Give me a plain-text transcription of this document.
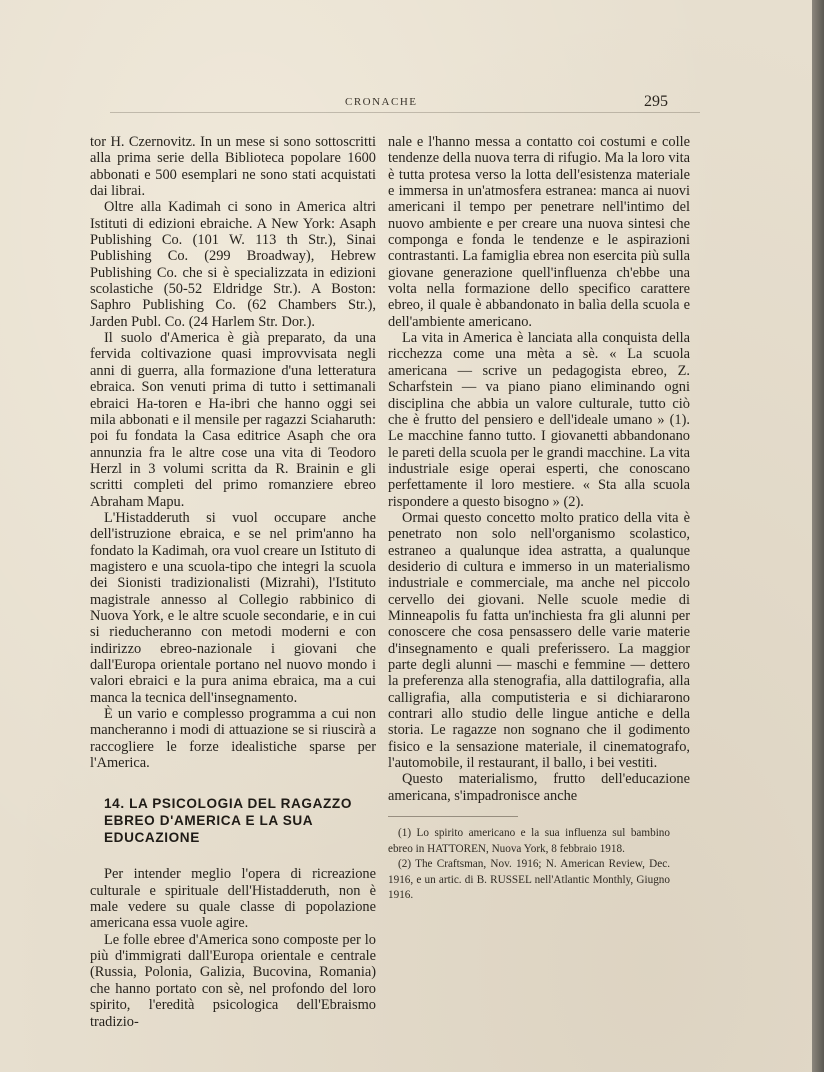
CRONACHE	295

tor H. Czernovitz. In un mese si sono sottoscritti alla prima serie della Biblioteca popolare 1600 abbonati e 500 esemplari ne sono stati acquistati dai librai.

Oltre alla Kadimah ci sono in America altri Istituti di edizioni ebraiche. A New York: Asaph Publishing Co. (101 W. 113 th Str.), Sinai Publishing Co. (299 Broadway), Hebrew Publishing Co. che si è specializzata in edizioni scolastiche (50-52 Eldridge Str.). A Boston: Saphro Publishing Co. (62 Chambers Str.), Jarden Publ. Co. (24 Harlem Str. Dor.).

Il suolo d'America è già preparato, da una fervida coltivazione quasi improvvisata negli anni di guerra, alla formazione d'una letteratura ebraica. Son venuti prima di tutto i settimanali ebraici Ha-toren e Ha-ibri che hanno oggi sei mila abbonati e il mensile per ragazzi Sciaharuth: poi fu fondata la Casa editrice Asaph che ora annunzia fra le altre cose una vita di Teodoro Herzl in 3 volumi scritta da R. Brainin e gli scritti completi del primo romanziere ebreo Abraham Mapu.

L'Histadderuth si vuol occupare anche dell'istruzione ebraica, e se nel prim'anno ha fondato la Kadimah, ora vuol creare un Istituto di magistero e una scuola-tipo che integri la scuola dei Sionisti tradizionalisti (Mizrahi), l'Istituto magistrale annesso al Collegio rabbinico di Nuova York, e le altre scuole secondarie, e in cui si rieducheranno con metodi moderni e con indirizzo ebreo-nazionale i giovani che dall'Europa orientale portano nel nuovo mondo i valori ebraici e la pura anima ebraica, ma a cui manca la tecnica dell'insegnamento.

È un vario e complesso programma a cui non mancheranno i modi di attuazione se si riuscirà a raccogliere le forze idealistiche sparse per l'America.

14. LA PSICOLOGIA DEL RAGAZZO EBREO D'AMERICA E LA SUA EDUCAZIONE

Per intender meglio l'opera di ricreazione culturale e spirituale dell'Histadderuth, non è male vedere su quale classe di popolazione americana essa vuole agire.

Le folle ebree d'America sono composte per lo più d'immigrati dall'Europa orientale e centrale (Russia, Polonia, Galizia, Bucovina, Romania) che hanno portato con sè, nel profondo del loro spirito, l'eredità psicologica dell'Ebraismo tradizio-

nale e l'hanno messa a contatto coi costumi e colle tendenze della nuova terra di rifugio. Ma la loro vita è tutta protesa verso la lotta dell'esistenza materiale e immersa in un'atmosfera estranea: manca ai nuovi americani il tempo per penetrare nell'intimo del nuovo ambiente e per creare una nuova sintesi che componga e fonda le tendenze e le aspirazioni contrastanti. La famiglia ebrea non esercita più sulla giovane generazione quell'influenza ch'ebbe una volta nella formazione dello specifico carattere ebreo, il quale è abbandonato in balìa della scuola e dell'ambiente americano.

La vita in America è lanciata alla conquista della ricchezza come una mèta a sè. « La scuola americana — scrive un pedagogista ebreo, Z. Scharfstein — va piano piano eliminando ogni disciplina che abbia un valore culturale, tutto ciò che è frutto del pensiero e dell'ideale umano » (1). Le macchine fanno tutto. I giovanetti abbandonano le pareti della scuola per le grandi macchine. La vita industriale esige operai esperti, che conoscano perfettamente il loro mestiere. « Sta alla scuola rispondere a questo bisogno » (2).

Ormai questo concetto molto pratico della vita è penetrato non solo nell'organismo scolastico, estraneo a qualunque idea astratta, a qualunque desiderio di cultura e immerso in un materialismo industriale e commerciale, ma anche nel piccolo cervello dei giovani. Nelle scuole medie di Minneapolis fu fatta un'inchiesta fra gli alunni per conoscere che cosa pensassero delle varie materie d'insegnamento e quali preferissero. La maggior parte degli alunni — maschi e femmine — dettero la preferenza alla stenografia, alla dattilografia, alla calligrafia, alla computisteria e si dichiararono contrari allo studio delle lingue antiche e della storia. Le ragazze non sognano che il godimento fisico e la sensazione materiale, il cinematografo, l'automobile, il restaurant, il ballo, i bei vestiti.

Questo materialismo, frutto dell'educazione americana, s'impadronisce anche

(1) Lo spirito americano e la sua influenza sul bambino ebreo in HATTOREN, Nuova York, 8 febbraio 1918.

(2) The Craftsman, Nov. 1916; N. American Review, Dec. 1916, e un artic. di B. RUSSEL nell'Atlantic Monthly, Giugno 1916.
